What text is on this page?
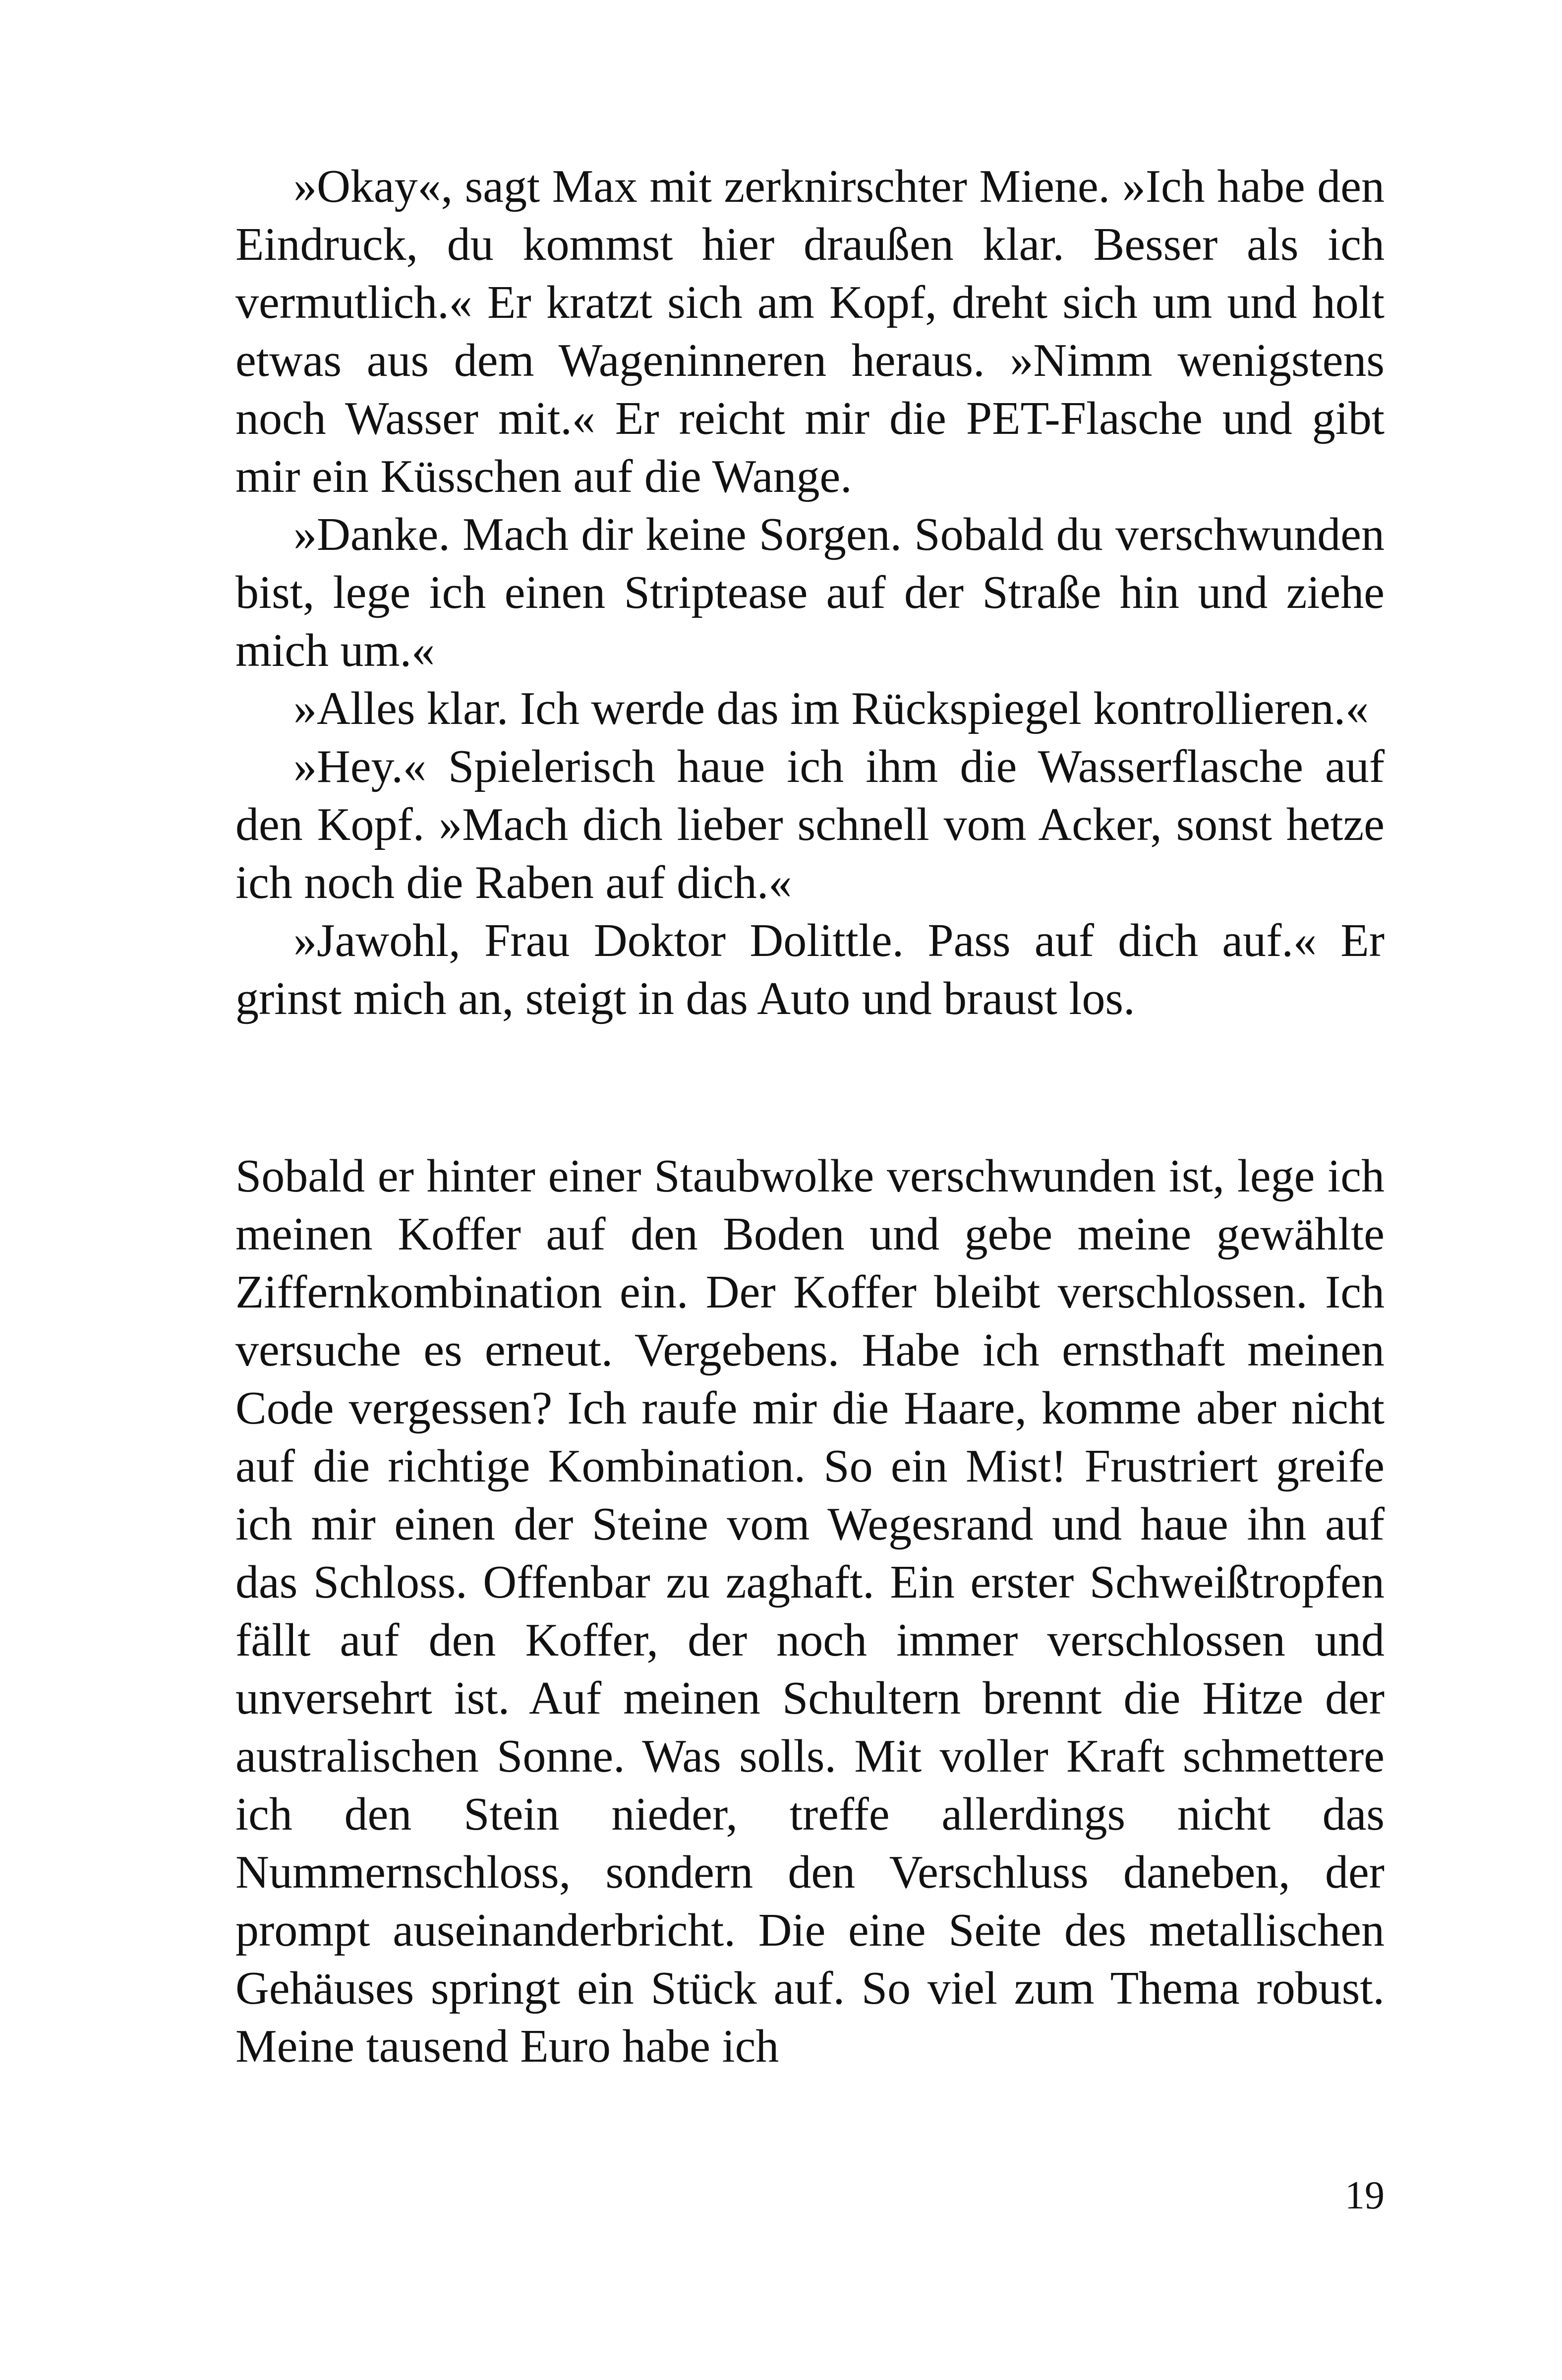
»Okay«, sagt Max mit zerknirschter Miene. »Ich habe den Eindruck, du kommst hier draußen klar. Besser als ich vermutlich.« Er kratzt sich am Kopf, dreht sich um und holt etwas aus dem Wageninneren heraus. »Nimm wenigstens noch Wasser mit.« Er reicht mir die PET-Flasche und gibt mir ein Küsschen auf die Wange.

»Danke. Mach dir keine Sorgen. Sobald du verschwunden bist, lege ich einen Striptease auf der Straße hin und ziehe mich um.«

»Alles klar. Ich werde das im Rückspiegel kontrollieren.«

»Hey.« Spielerisch haue ich ihm die Wasserflasche auf den Kopf. »Mach dich lieber schnell vom Acker, sonst hetze ich noch die Raben auf dich.«

»Jawohl, Frau Doktor Dolittle. Pass auf dich auf.« Er grinst mich an, steigt in das Auto und braust los.

Sobald er hinter einer Staubwolke verschwunden ist, lege ich meinen Koffer auf den Boden und gebe meine gewählte Ziffernkombination ein. Der Koffer bleibt verschlossen. Ich versuche es erneut. Vergebens. Habe ich ernsthaft meinen Code vergessen? Ich raufe mir die Haare, komme aber nicht auf die richtige Kombination. So ein Mist! Frustriert greife ich mir einen der Steine vom Wegesrand und haue ihn auf das Schloss. Offenbar zu zaghaft. Ein erster Schweißtropfen fällt auf den Koffer, der noch immer verschlossen und unversehrt ist. Auf meinen Schultern brennt die Hitze der australischen Sonne. Was solls. Mit voller Kraft schmettere ich den Stein nieder, treffe allerdings nicht das Nummernschloss, sondern den Verschluss daneben, der prompt auseinanderbricht. Die eine Seite des metallischen Gehäuses springt ein Stück auf. So viel zum Thema robust. Meine tausend Euro habe ich

19
